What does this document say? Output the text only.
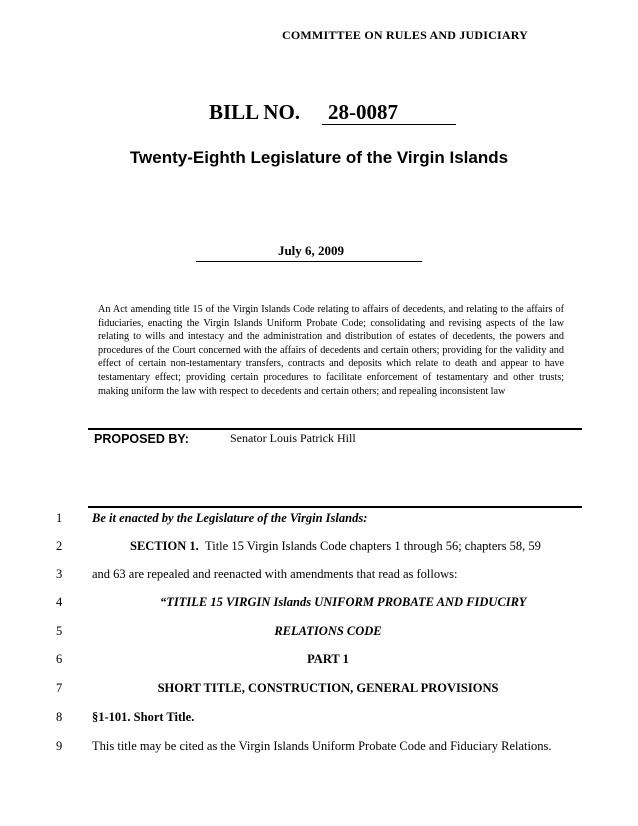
COMMITTEE ON RULES AND JUDICIARY
BILL NO. 28-0087
Twenty-Eighth Legislature of the Virgin Islands
July 6, 2009
An Act amending title 15 of the Virgin Islands Code relating to affairs of decedents, and relating to the affairs of fiduciaries, enacting the Virgin Islands Uniform Probate Code; consolidating and revising aspects of the law relating to wills and intestacy and the administration and distribution of estates of decedents, the powers and procedures of the Court concerned with the affairs of decedents and certain others; providing for the validity and effect of certain non-testamentary transfers, contracts and deposits which relate to death and appear to have testamentary effect; providing certain procedures to facilitate enforcement of testamentary and other trusts; making uniform the law with respect to decedents and certain others; and repealing inconsistent law
PROPOSED BY:	Senator Louis Patrick Hill
1	Be it enacted by the Legislature of the Virgin Islands:
2	SECTION 1. Title 15 Virgin Islands Code chapters 1 through 56; chapters 58, 59
3	and 63 are repealed and reenacted with amendments that read as follows:
4	“TITILE 15 VIRGIN Islands UNIFORM PROBATE AND FIDUCIRY
5	RELATIONS CODE
6	PART 1
7	SHORT TITLE, CONSTRUCTION, GENERAL PROVISIONS
8	§1-101. Short Title.
9	This title may be cited as the Virgin Islands Uniform Probate Code and Fiduciary Relations.
